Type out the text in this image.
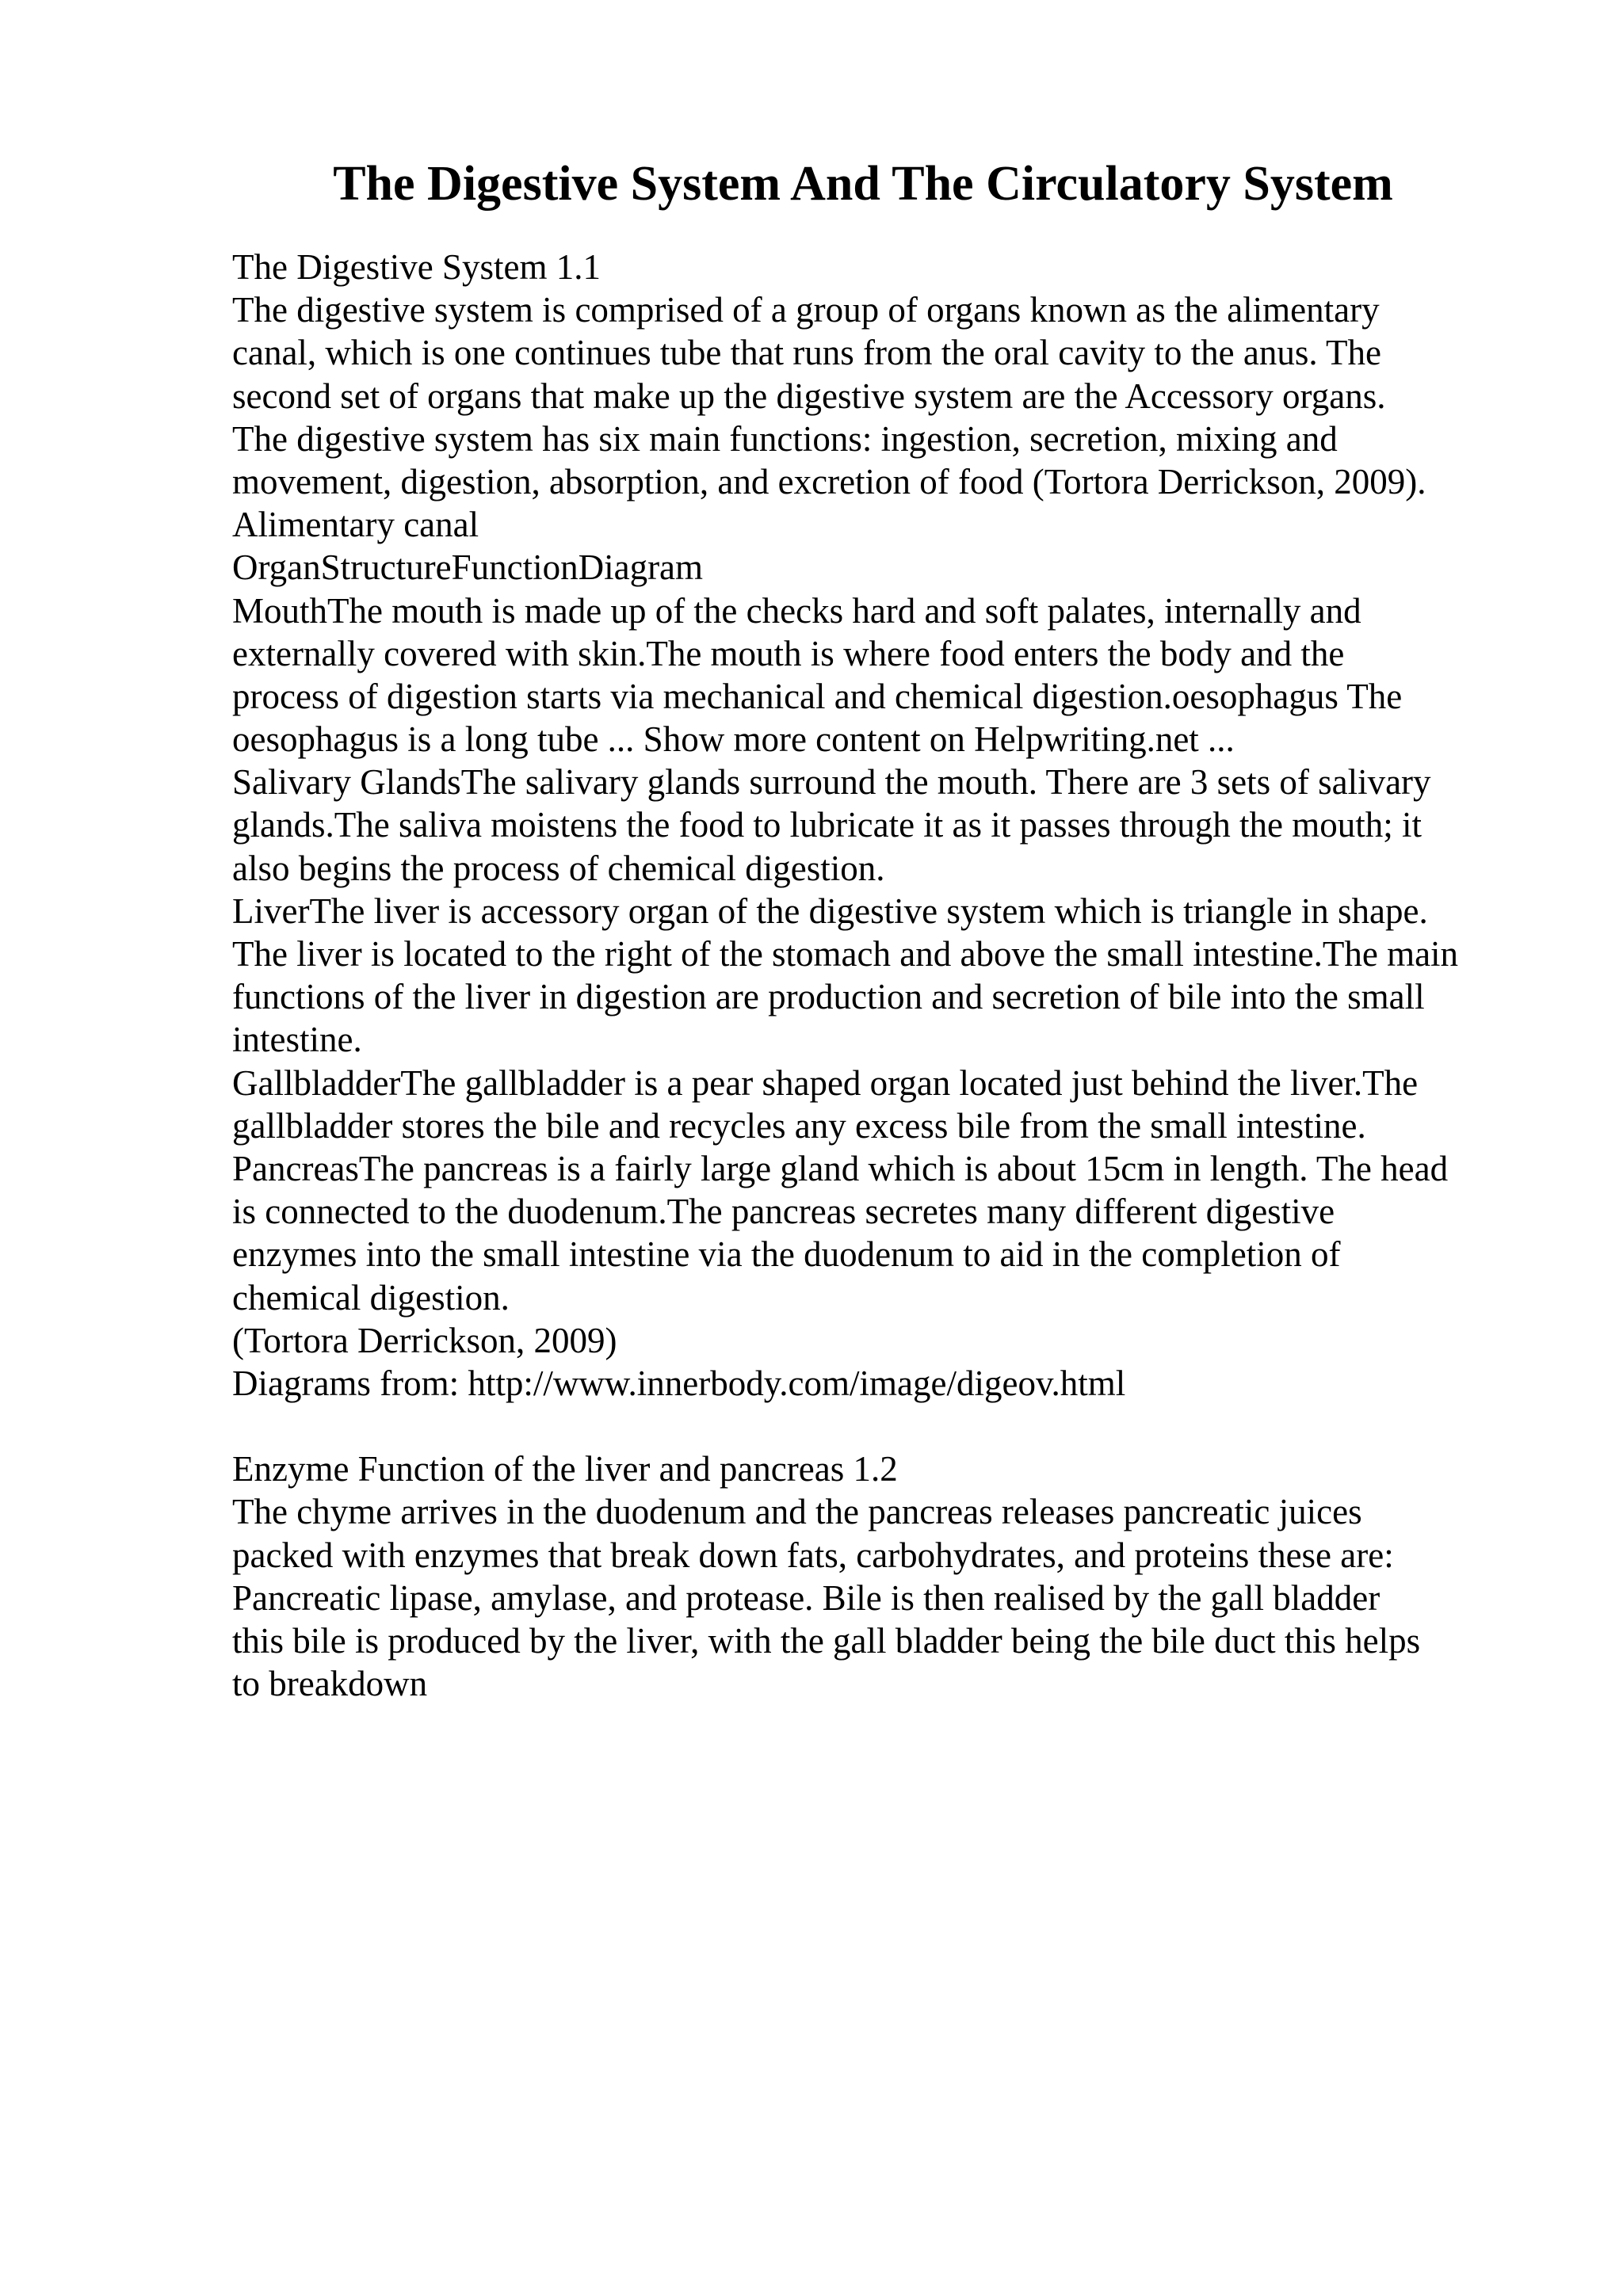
The Digestive System And The Circulatory System
The Digestive System 1.1
The digestive system is comprised of a group of organs known as the alimentary
canal, which is one continues tube that runs from the oral cavity to the anus. The
second set of organs that make up the digestive system are the Accessory organs.
The digestive system has six main functions: ingestion, secretion, mixing and
movement, digestion, absorption, and excretion of food (Tortora Derrickson, 2009).
Alimentary canal
OrganStructureFunctionDiagram
MouthThe mouth is made up of the checks hard and soft palates, internally and
externally covered with skin.The mouth is where food enters the body and the
process of digestion starts via mechanical and chemical digestion.oesophagus The
oesophagus is a long tube ... Show more content on Helpwriting.net ...
Salivary GlandsThe salivary glands surround the mouth. There are 3 sets of salivary
glands.The saliva moistens the food to lubricate it as it passes through the mouth; it
also begins the process of chemical digestion.
LiverThe liver is accessory organ of the digestive system which is triangle in shape.
The liver is located to the right of the stomach and above the small intestine.The main
functions of the liver in digestion are production and secretion of bile into the small
intestine.
GallbladderThe gallbladder is a pear shaped organ located just behind the liver.The
gallbladder stores the bile and recycles any excess bile from the small intestine.
PancreasThe pancreas is a fairly large gland which is about 15cm in length. The head
is connected to the duodenum.The pancreas secretes many different digestive
enzymes into the small intestine via the duodenum to aid in the completion of
chemical digestion.
(Tortora Derrickson, 2009)
Diagrams from: http://www.innerbody.com/image/digeov.html
Enzyme Function of the liver and pancreas 1.2
The chyme arrives in the duodenum and the pancreas releases pancreatic juices
packed with enzymes that break down fats, carbohydrates, and proteins these are:
Pancreatic lipase, amylase, and protease. Bile is then realised by the gall bladder
this bile is produced by the liver, with the gall bladder being the bile duct this helps
to breakdown
